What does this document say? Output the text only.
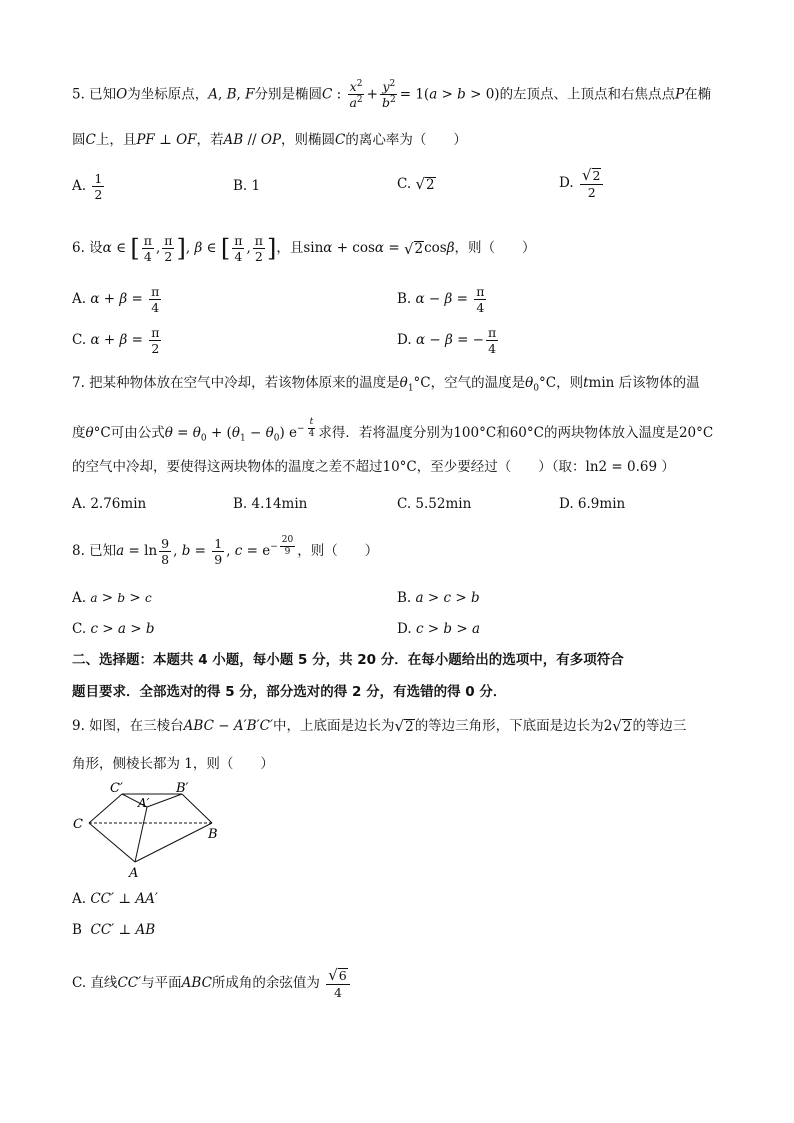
5. 已知O为坐标原点，A, B, F分别是椭圆C : $\frac{x^2}{a^2} + \frac{y^2}{b^2} = 1(a > b > 0)$的左顶点、上顶点和右焦点点P在椭
圆C上，且PF ⊥ OF，若AB // OP，则椭圆C的离心率为（　　）
A. $\frac{1}{2}$	B. 1	C. √ 2	D. $\frac{√ 2}{2}$
6. 设α ∈ [ $\frac{\pi}{4}$ , $\frac{\pi}{2}$ ], β ∈ [ $\frac{\pi}{4}$ , $\frac{\pi}{2}$ ]，且sinα + cosα = √ 2 cosβ，则（　　）
A. $\alpha + \beta = \frac{\pi}{4}$	B. $\alpha - \beta = \frac{\pi}{4}$
C. $\alpha + \beta = \frac{\pi}{2}$	D. α − β = − $\frac{\pi}{4}$
7. 把某种物体放在空气中冷却，若该物体原来的温度是$\theta_1^\circ C$，空气的温度是$\theta_0^\circ C$，则tmin 后该物体的温
度θ°C可由公式$\theta = \theta_0 + (\theta_1 - \theta_0)$ $e^{- \frac{t}{4}}$ 求得．若将温度分别为100°C和60°C的两块物体放入温度是20°C
的空气中冷却，要使得这两块物体的温度之差不超过10°C，至少要经过（　　）（取：ln2 = 0.69 ）
A. 2.76min	B. 4.14min	C. 5.52min	D. 6.9min
8. 已知$a = \ln \frac{9}{8}$ , $b = \frac{1}{9}$ , $c = e^{- \frac{20}{9}}$ ，则（　　）
A. a > b > c	B. a > c > b
C. c > a > b	D. c > b > a
二、选择题：本题共 4 小题，每小题 5 分，共 20 分．在每小题给出的选项中，有多项符合
题目要求．全部选对的得 5 分，部分选对的得 2 分，有选错的得 0 分．
9. 如图，在三棱台ABC − A′B′C′中，上底面是边长为 √ 2 的等边三角形，下底面是边长为2 √ 2 的等边三
角形，侧棱长都为 1，则（　　）
C′	B′
A′
C
B
A
A. CC′ ⊥ AA′
B CC′ ⊥ AB
C. 直线CC′与平面ABC所成角的余弦值为 $\frac{√ 6}{4}$
